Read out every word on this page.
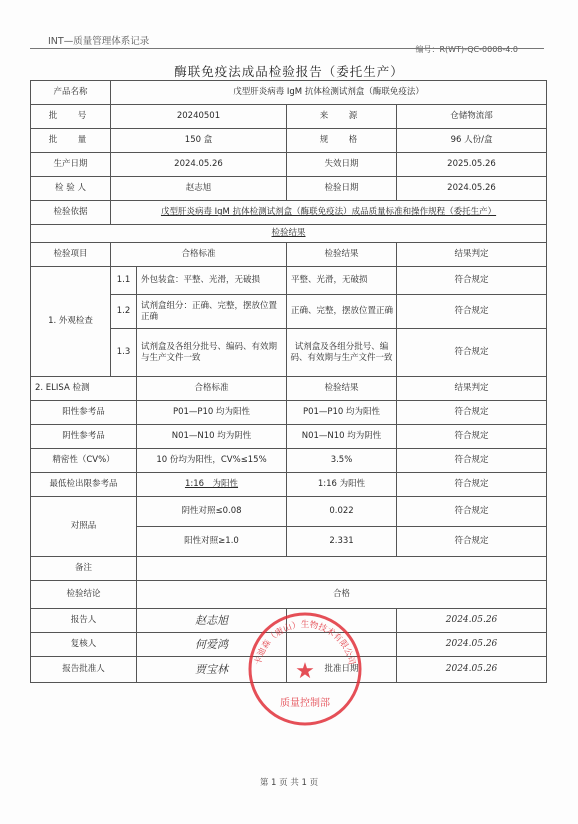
INT—质量管理体系记录
编号：R(WT)-QC-0008-4.0
酶联免疫法成品检验报告（委托生产）
产品名称	戊型肝炎病毒 IgM 抗体检测试剂盒（酶联免疫法）			
批　号	20240501		来　源	仓储物流部
批　量	150 盒		规　格	96 人份/盒
生产日期	2024.05.26		失效日期	2025.05.26
检 验 人	赵志旭		检验日期	2024.05.26
检验依据	戊型肝炎病毒 IgM 抗体检测试剂盒（酶联免疫法）成品质量标准和操作规程（委托生产）			
检验结果				
检验项目	合格标准		检验结果	结果判定
1. 外观检查	1.1	外包装盒：平整、光滑，无破损	平整、光滑，无破损	符合规定
	1.2	试剂盒组分：正确、完整，摆放位置正确	正确、完整，摆放位置正确	符合规定
	1.3	试剂盒及各组分批号、编码、有效期与生产文件一致	试剂盒及各组分批号、编码、有效期与生产文件一致	符合规定
2. ELISA 检测		合格标准	检验结果	结果判定
阳性参考品		P01—P10 均为阳性	P01—P10 均为阳性	符合规定
阴性参考品		N01—N10 均为阴性	N01—N10 均为阴性	符合规定
精密性（CV%）		10 份均为阳性，CV%≤15%	3.5%	符合规定
最低检出限参考品		1:16　为阳性	1:16 为阳性	符合规定
对照品		阴性对照≤0.08	0.022	符合规定
		阳性对照≥1.0	2.331	符合规定
备注				
检验结论		合格		
报告人		赵志旭		2024.05.26
复核人		何爱鸿		2024.05.26
报告批准人		贾宝林	批准日期	2024.05.26
卡迪森（唐山）生物技术有限公司
★
质量控制部
第 1 页 共 1 页
